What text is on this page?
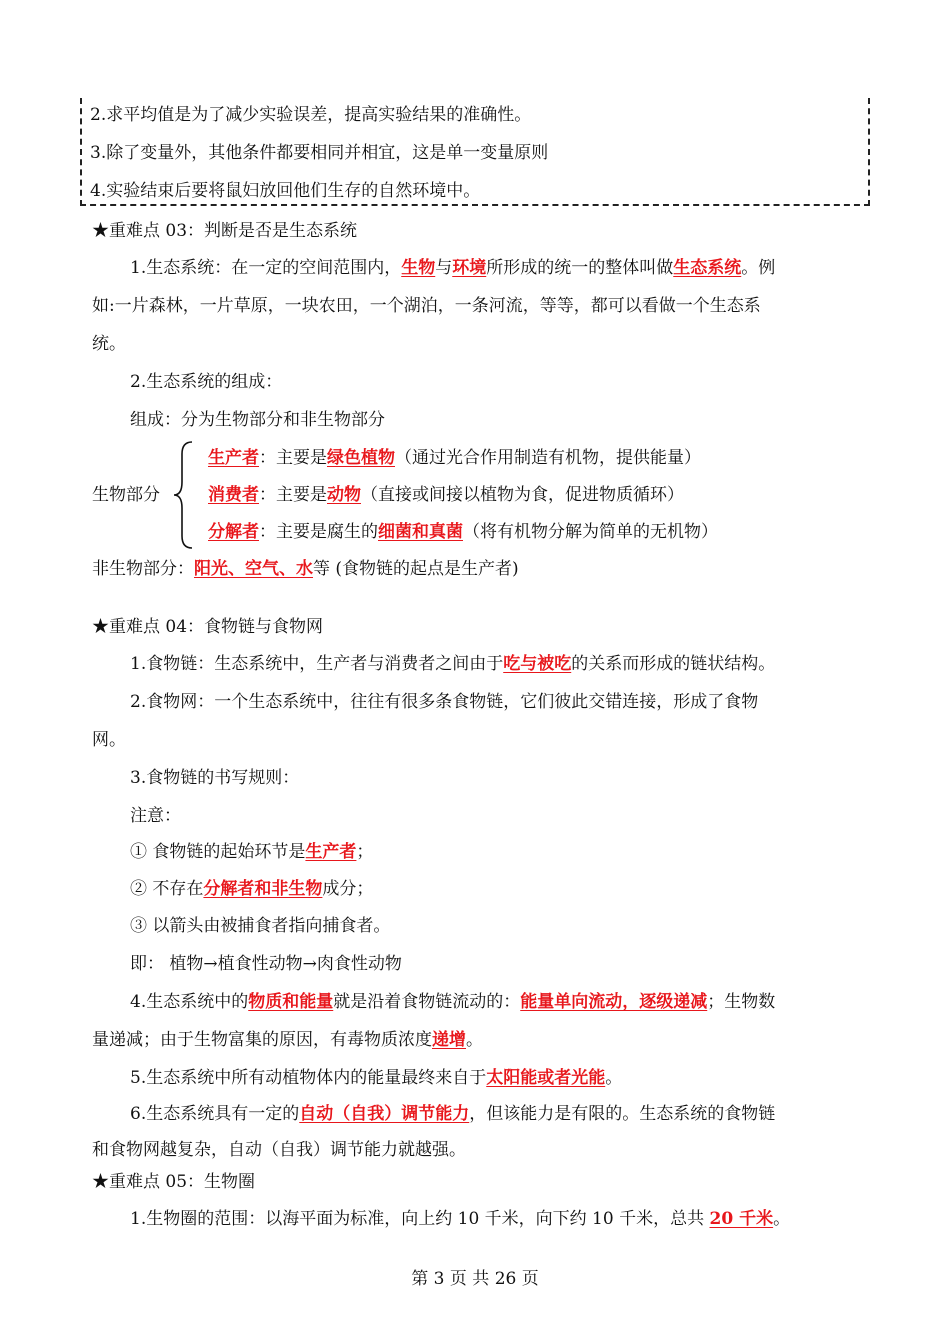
2.求平均值是为了减少实验误差，提高实验结果的准确性。
3.除了变量外，其他条件都要相同并相宜，这是单一变量原则
4.实验结束后要将鼠妇放回他们生存的自然环境中。
★重难点 03：判断是否是生态系统
1.生态系统：在一定的空间范围内，生物与环境所形成的统一的整体叫做生态系统。例
如:一片森林，一片草原，一块农田，一个湖泊，一条河流，等等，都可以看做一个生态系
统。
2.生态系统的组成：
组成：分为生物部分和非生物部分
生物部分
生产者：主要是绿色植物（通过光合作用制造有机物，提供能量）
消费者：主要是动物（直接或间接以植物为食，促进物质循环）
分解者：主要是腐生的细菌和真菌（将有机物分解为简单的无机物）
非生物部分：阳光、空气、水等 (食物链的起点是生产者)
★重难点 04：食物链与食物网
1.食物链：生态系统中，生产者与消费者之间由于吃与被吃的关系而形成的链状结构。
2.食物网：一个生态系统中，往往有很多条食物链，它们彼此交错连接，形成了食物
网。
3.食物链的书写规则：
注意：
① 食物链的起始环节是生产者；
② 不存在分解者和非生物成分；
③ 以箭头由被捕食者指向捕食者。
即： 植物→植食性动物→肉食性动物
4.生态系统中的物质和能量就是沿着食物链流动的：能量单向流动，逐级递减；生物数
量递减；由于生物富集的原因，有毒物质浓度递增。
5.生态系统中所有动植物体内的能量最终来自于太阳能或者光能。
6.生态系统具有一定的自动（自我）调节能力，但该能力是有限的。生态系统的食物链
和食物网越复杂，自动（自我）调节能力就越强。
★重难点 05：生物圈
1.生物圈的范围：以海平面为标准，向上约 10 千米，向下约 10 千米，总共 20 千米。
第 3 页 共 26 页
